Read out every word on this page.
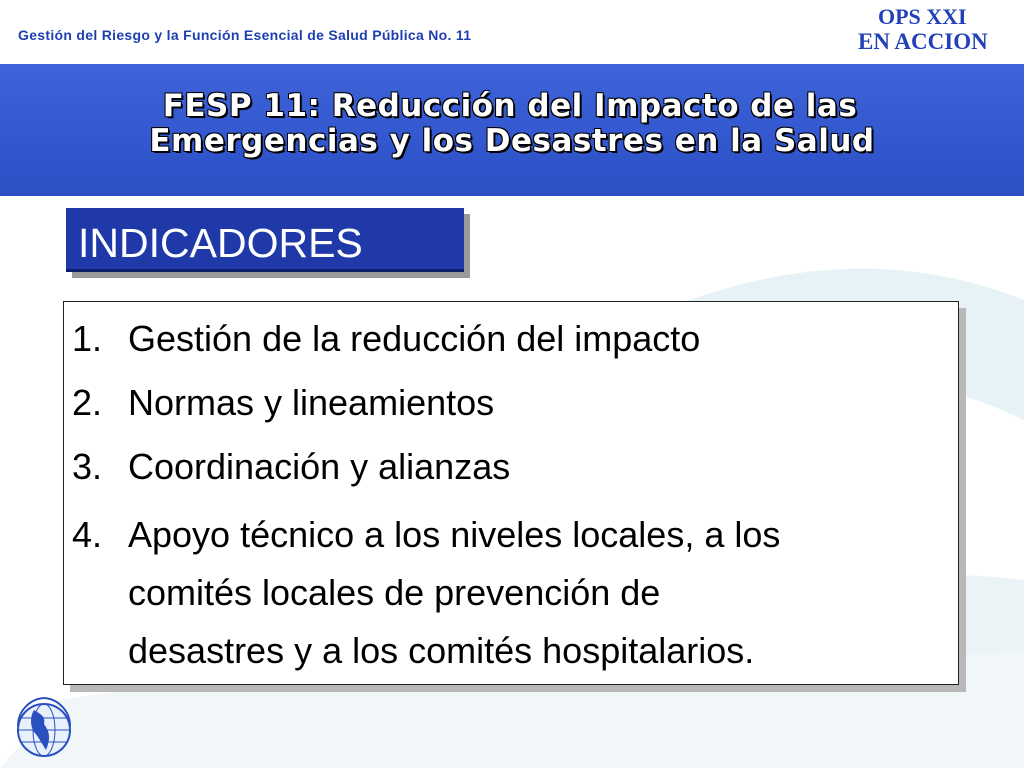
Gestión del Riesgo y la Función Esencial de Salud Pública No. 11
OPS XXI
EN ACCION
FESP 11: Reducción del Impacto de las
Emergencias y los Desastres en la Salud
INDICADORES
1. Gestión de la reducción del impacto
2. Normas y lineamientos
3. Coordinación y alianzas
4. Apoyo técnico a los niveles locales, a los
comités locales de prevención de
desastres y a los comités hospitalarios.
